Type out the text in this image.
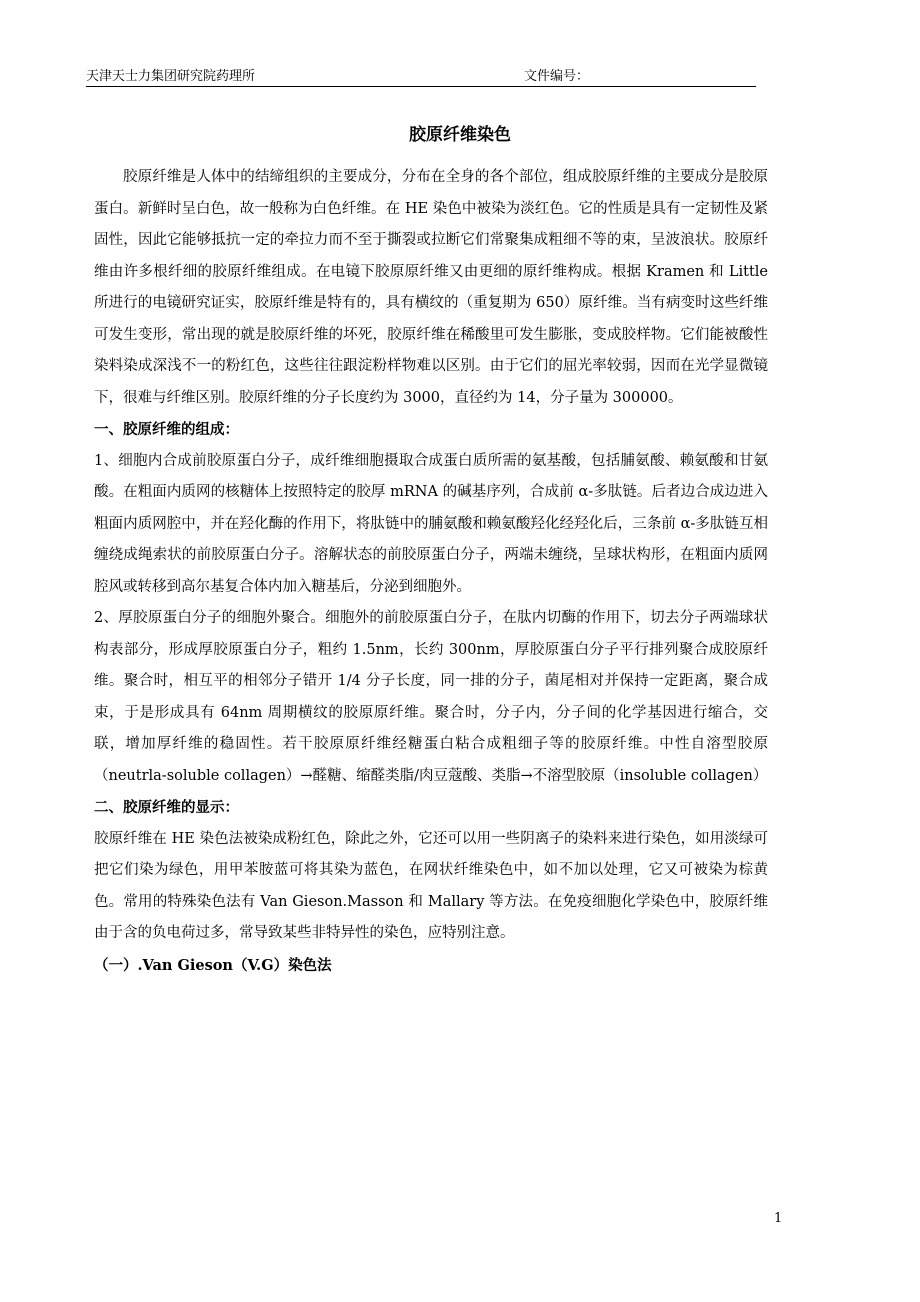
天津天士力集团研究院药理所	文件编号：
胶原纤维染色

胶原纤维是人体中的结缔组织的主要成分，分布在全身的各个部位，组成胶原纤维的主要成分是胶原蛋白。新鲜时呈白色，故一般称为白色纤维。在 HE 染色中被染为淡红色。它的性质是具有一定韧性及紧固性，因此它能够抵抗一定的牵拉力而不至于撕裂或拉断它们常聚集成粗细不等的束，呈波浪状。胶原纤维由许多根纤细的胶原纤维组成。在电镜下胶原原纤维又由更细的原纤维构成。根据 Kramen 和 Little 所进行的电镜研究证实，胶原纤维是特有的，具有横纹的（重复期为 650）原纤维。当有病变时这些纤维可发生变形，常出现的就是胶原纤维的坏死，胶原纤维在稀酸里可发生膨胀，变成胶样物。它们能被酸性染料染成深浅不一的粉红色，这些往往跟淀粉样物难以区别。由于它们的屈光率较弱，因而在光学显微镜下，很难与纤维区别。胶原纤维的分子长度约为 3000，直径约为 14，分子量为 300000。

一、胶原纤维的组成：

1、细胞内合成前胶原蛋白分子，成纤维细胞摄取合成蛋白质所需的氨基酸，包括脯氨酸、赖氨酸和甘氨酸。在粗面内质网的核糖体上按照特定的胶厚 mRNA 的碱基序列，合成前 α-多肽链。后者边合成边进入粗面内质网腔中，并在羟化酶的作用下，将肽链中的脯氨酸和赖氨酸羟化经羟化后，三条前 α-多肽链互相缠绕成绳索状的前胶原蛋白分子。溶解状态的前胶原蛋白分子，两端未缠绕，呈球状构形，在粗面内质网腔风或转移到高尔基复合体内加入糖基后，分泌到细胞外。

2、厚胶原蛋白分子的细胞外聚合。细胞外的前胶原蛋白分子，在肽内切酶的作用下，切去分子两端球状构表部分，形成厚胶原蛋白分子，粗约 1.5nm，长约 300nm，厚胶原蛋白分子平行排列聚合成胶原纤维。聚合时，相互平的相邻分子错开 1/4 分子长度，同一排的分子，菌尾相对并保持一定距离，聚合成束，于是形成具有 64nm 周期横纹的胶原原纤维。聚合时，分子内，分子间的化学基因进行缩合，交联，增加厚纤维的稳固性。若干胶原原纤维经糖蛋白粘合成粗细子等的胶原纤维。中性自溶型胶原（neutrla-soluble collagen）→醛糖、缩醛类脂/肉豆蔻酸、类脂→不溶型胶原（insoluble collagen）

二、胶原纤维的显示：

胶原纤维在 HE 染色法被染成粉红色，除此之外，它还可以用一些阴离子的染料来进行染色，如用淡绿可把它们染为绿色，用甲苯胺蓝可将其染为蓝色，在网状纤维染色中，如不加以处理，它又可被染为棕黄色。常用的特殊染色法有 Van Gieson.Masson 和 Mallary 等方法。在免疫细胞化学染色中，胶原纤维由于含的负电荷过多，常导致某些非特异性的染色，应特别注意。

（一）.Van Gieson（V.G）染色法

1
